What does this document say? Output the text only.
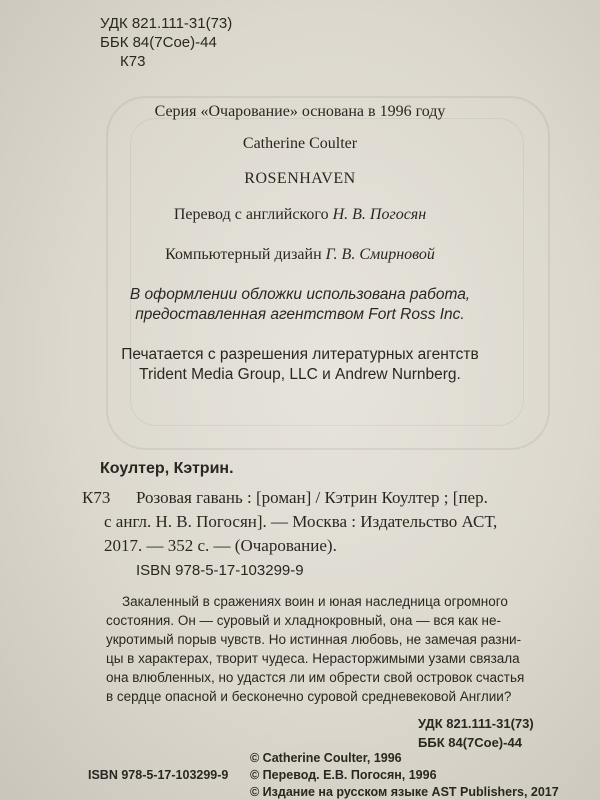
УДК 821.111-31(73)
ББК 84(7Сое)-44
К73
Серия «Очарование» основана в 1996 году
Catherine Coulter
ROSENHAVEN
Перевод с английского Н. В. Погосян
Компьютерный дизайн Г. В. Смирновой
В оформлении обложки использована работа,
предоставленная агентством Fort Ross Inc.
Печатается с разрешения литературных агентств
Trident Media Group, LLC и Andrew Nurnberg.
Коултер, Кэтрин.
К73 Розовая гавань : [роман] / Кэтрин Коултер ; [пер.
с англ. Н. В. Погосян]. — Москва : Издательство АСТ,
2017. — 352 с. — (Очарование).
ISBN 978-5-17-103299-9
Закаленный в сражениях воин и юная наследница огромного
состояния. Он — суровый и хладнокровный, она — вся как не-
укротимый порыв чувств. Но истинная любовь, не замечая разни-
цы в характерах, творит чудеса. Нерасторжимыми узами связала
она влюбленных, но удастся ли им обрести свой островок счастья
в сердце опасной и бесконечно суровой средневековой Англии?
УДК 821.111-31(73)
ББК 84(7Сое)-44
© Catherine Coulter, 1996
ISBN 978-5-17-103299-9 © Перевод. Е.В. Погосян, 1996
© Издание на русском языке AST Publishers, 2017
